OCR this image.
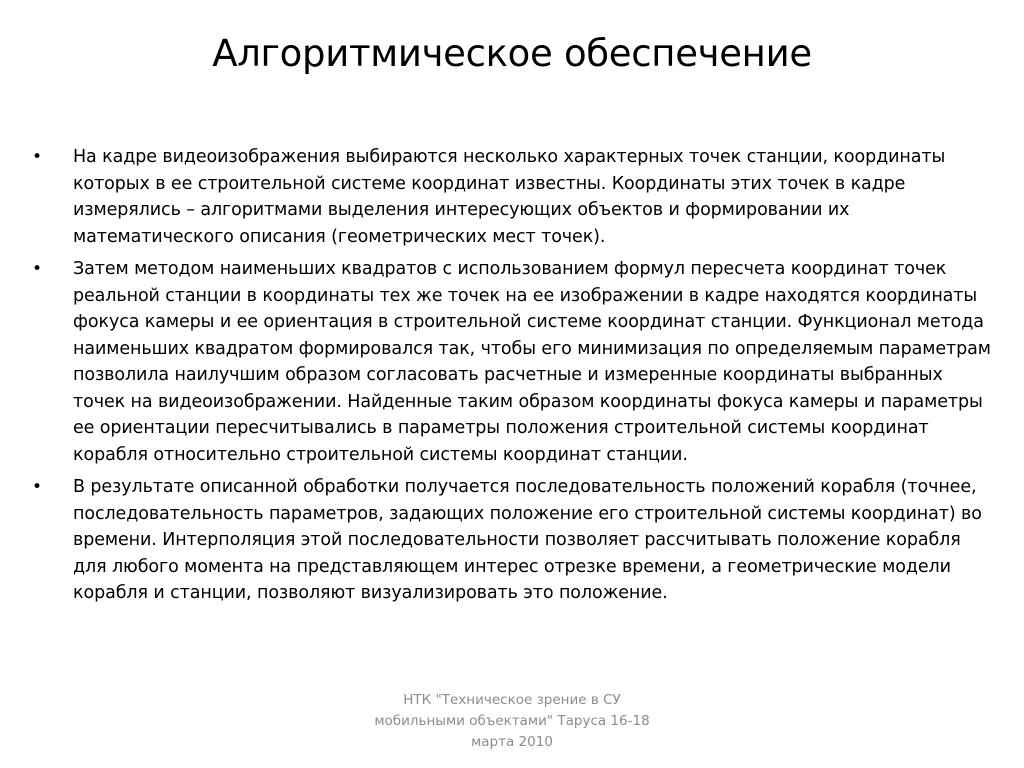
Алгоритмическое обеспечение
• На кадре видеоизображения выбираются несколько характерных точек станции, координаты которых в ее строительной системе координат известны. Координаты этих точек в кадре измерялись – алгоритмами выделения интересующих объектов и формировании их математического описания (геометрических мест точек).
• Затем методом наименьших квадратов с использованием формул пересчета координат точек реальной станции в координаты тех же точек на ее изображении в кадре находятся координаты фокуса камеры и ее ориентация в строительной системе координат станции. Функционал метода наименьших квадратом формировался так, чтобы его минимизация по определяемым параметрам позволила наилучшим образом согласовать расчетные и измеренные координаты выбранных точек на видеоизображении. Найденные таким образом координаты фокуса камеры и параметры ее ориентации пересчитывались в параметры положения строительной системы координат корабля относительно строительной системы координат станции.
• В результате описанной обработки получается последовательность положений корабля (точнее, последовательность параметров, задающих положение его строительной системы координат) во времени. Интерполяция этой последовательности позволяет рассчитывать положение корабля для любого момента на представляющем интерес отрезке времени, а геометрические модели корабля и станции, позволяют визуализировать это положение.
НТК "Техническое зрение в СУ
мобильными объектами" Таруса 16-18
марта 2010
